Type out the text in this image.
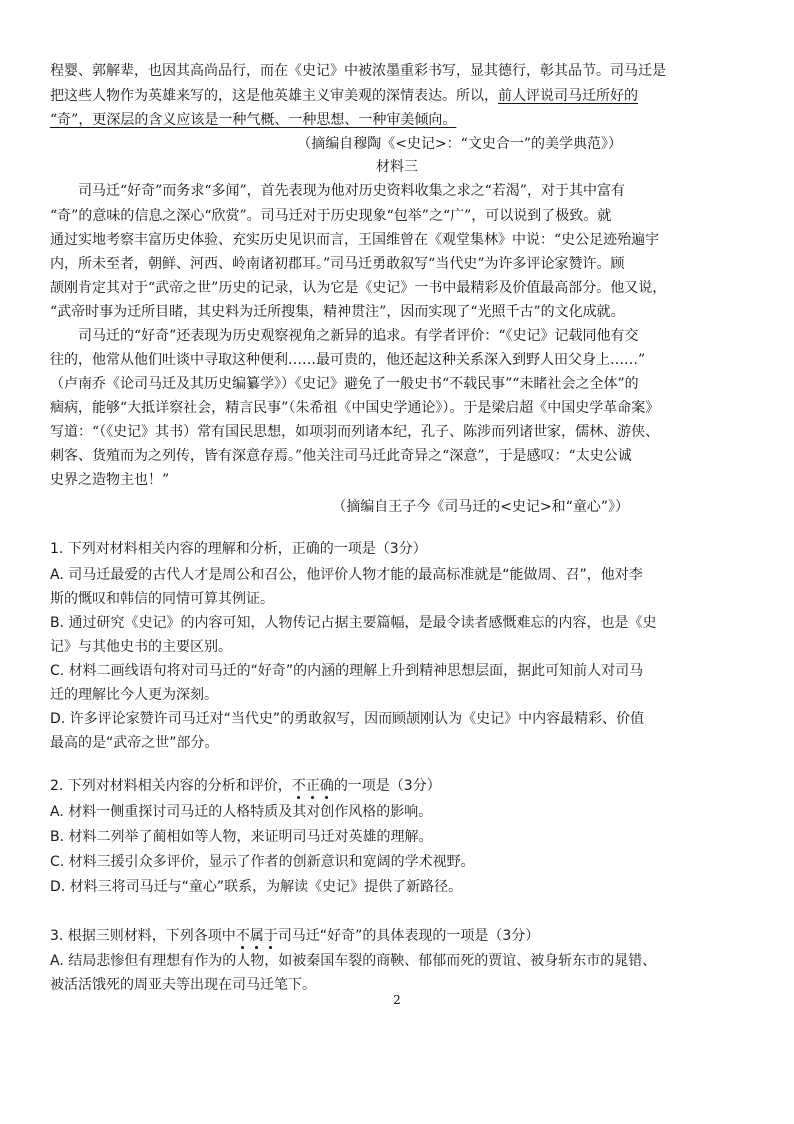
程婴、郭解辈，也因其高尚品行，而在《史记》中被浓墨重彩书写，显其德行，彰其品节。司马迁是
把这些人物作为英雄来写的，这是他英雄主义审美观的深情表达。所以，前人评说司马迁所好的
“奇”，更深层的含义应该是一种气概、一种思想、一种审美倾向。
（摘编自穆陶《<史记>：“文史合一”的美学典范》）
材料三
司马迁“好奇”而务求“多闻”，首先表现为他对历史资料收集之求之“若渴”，对于其中富有
“奇”的意味的信息之深心“欣赏”。司马迁对于历史现象“包举”之“广”，可以说到了极致。就
通过实地考察丰富历史体验、充实历史见识而言，王国维曾在《观堂集林》中说：“史公足迹殆遍宇
内，所未至者，朝鲜、河西、岭南诸初郡耳。”司马迁勇敢叙写“当代史”为许多评论家赞许。顾
颉刚肯定其对于“武帝之世”历史的记录，认为它是《史记》一书中最精彩及价值最高部分。他又说，
“武帝时事为迁所目睹，其史料为迁所搜集，精神贯注”，因而实现了“光照千古”的文化成就。
司马迁的“好奇”还表现为历史观察视角之新异的追求。有学者评价：“《史记》记载同他有交
往的，他常从他们吐谈中寻取这种便利……最可贵的，他还起这种关系深入到野人田父身上……”
（卢南乔《论司马迁及其历史编纂学》）《史记》避免了一般史书“不载民事”“未睹社会之全体”的
痼病，能够“大抵详察社会，精言民事”（朱希祖《中国史学通论》）。于是梁启超《中国史学革命案》
写道：“（《史记》其书）常有国民思想，如项羽而列诸本纪，孔子、陈涉而列诸世家，儒林、游侠、
刺客、货殖而为之列传，皆有深意存焉。”他关注司马迁此奇异之“深意”，于是感叹：“太史公诚
史界之造物主也！”
（摘编自王子今《司马迁的<史记>和“童心”》）
1. 下列对材料相关内容的理解和分析，正确的一项是（3分）
A. 司马迁最爱的古代人才是周公和召公，他评价人物才能的最高标准就是“能做周、召”，他对李
斯的慨叹和韩信的同情可算其例证。
B. 通过研究《史记》的内容可知，人物传记占据主要篇幅，是最令读者感慨难忘的内容，也是《史
记》与其他史书的主要区别。
C. 材料二画线语句将对司马迁的“好奇”的内涵的理解上升到精神思想层面，据此可知前人对司马
迁的理解比今人更为深刻。
D. 许多评论家赞许司马迁对“当代史”的勇敢叙写，因而顾颉刚认为《史记》中内容最精彩、价值
最高的是“武帝之世”部分。
2. 下列对材料相关内容的分析和评价，不正确的一项是（3分）
A. 材料一侧重探讨司马迁的人格特质及其对创作风格的影响。
B. 材料二列举了蔺相如等人物，来证明司马迁对英雄的理解。
C. 材料三援引众多评价，显示了作者的创新意识和宽阔的学术视野。
D. 材料三将司马迁与“童心”联系，为解读《史记》提供了新路径。
3. 根据三则材料，下列各项中不属于司马迁“好奇”的具体表现的一项是（3分）
A. 结局悲惨但有理想有作为的人物，如被秦国车裂的商鞅、郁郁而死的贾谊、被身斩东市的晁错、
被活活饿死的周亚夫等出现在司马迁笔下。
2
